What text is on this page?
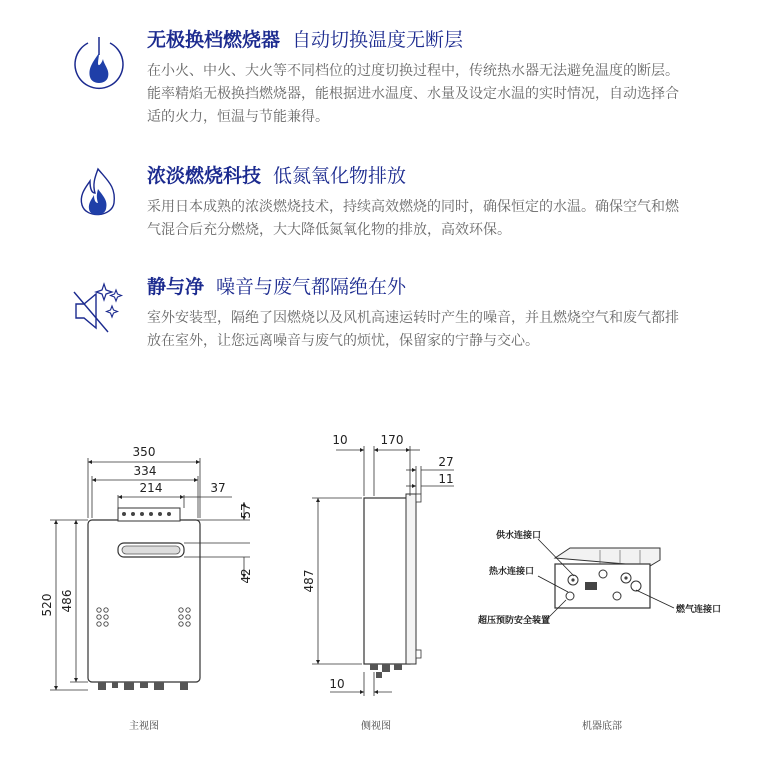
无极换档燃烧器 自动切换温度无断层

在小火、中火、大火等不同档位的过度切换过程中，传统热水器无法避免温度的断层。能率精焰无极换挡燃烧器，能根据进水温度、水量及设定水温的实时情况，自动选择合适的火力，恒温与节能兼得。

浓淡燃烧科技 低氮氧化物排放

采用日本成熟的浓淡燃烧技术，持续高效燃烧的同时，确保恒定的水温。确保空气和燃气混合后充分燃烧，大大降低氮氧化物的排放，高效环保。

静与净 噪音与废气都隔绝在外

室外安装型，隔绝了因燃烧以及风机高速运转时产生的噪音，并且燃烧空气和废气都排放在室外，让您远离噪音与废气的烦忧，保留家的宁静与交心。

350
334
214	37
57
42
520 486
主视图
10	170
27
11
487
10
侧视图
供水连接口
热水连接口
超压预防安全装置
燃气连接口
机器底部
